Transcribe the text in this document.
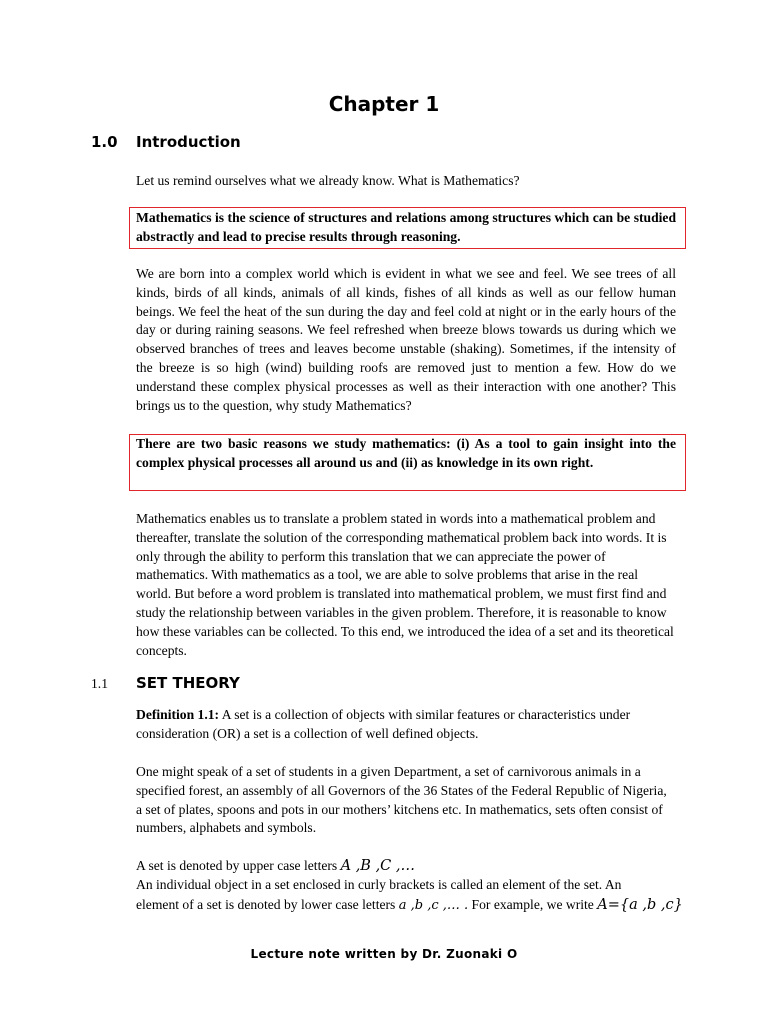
Chapter 1
1.0 Introduction
Let us remind ourselves what we already know. What is Mathematics?
Mathematics is the science of structures and relations among structures which can be studied abstractly and lead to precise results through reasoning.
We are born into a complex world which is evident in what we see and feel. We see trees of all kinds, birds of all kinds, animals of all kinds, fishes of all kinds as well as our fellow human beings. We feel the heat of the sun during the day and feel cold at night or in the early hours of the day or during raining seasons. We feel refreshed when breeze blows towards us during which we observed branches of trees and leaves become unstable (shaking). Sometimes, if the intensity of the breeze is so high (wind) building roofs are removed just to mention a few. How do we understand these complex physical processes as well as their interaction with one another? This brings us to the question, why study Mathematics?
There are two basic reasons we study mathematics: (i) As a tool to gain insight into the complex physical processes all around us and (ii) as knowledge in its own right.
Mathematics enables us to translate a problem stated in words into a mathematical problem and thereafter, translate the solution of the corresponding mathematical problem back into words. It is only through the ability to perform this translation that we can appreciate the power of mathematics. With mathematics as a tool, we are able to solve problems that arise in the real world. But before a word problem is translated into mathematical problem, we must first find and study the relationship between variables in the given problem. Therefore, it is reasonable to know how these variables can be collected. To this end, we introduced the idea of a set and its theoretical concepts.
1.1 SET THEORY
Definition 1.1: A set is a collection of objects with similar features or characteristics under consideration (OR) a set is a collection of well defined objects.
One might speak of a set of students in a given Department, a set of carnivorous animals in a specified forest, an assembly of all Governors of the 36 States of the Federal Republic of Nigeria, a set of plates, spoons and pots in our mothers’ kitchens etc. In mathematics, sets often consist of numbers, alphabets and symbols.
A set is denoted by upper case letters A ,B ,C ,…
An individual object in a set enclosed in curly brackets is called an element of the set. An
element of a set is denoted by lower case letters a ,b ,c ,… . For example, we write A={a ,b ,c}
Lecture note written by Dr. Zuonaki O
